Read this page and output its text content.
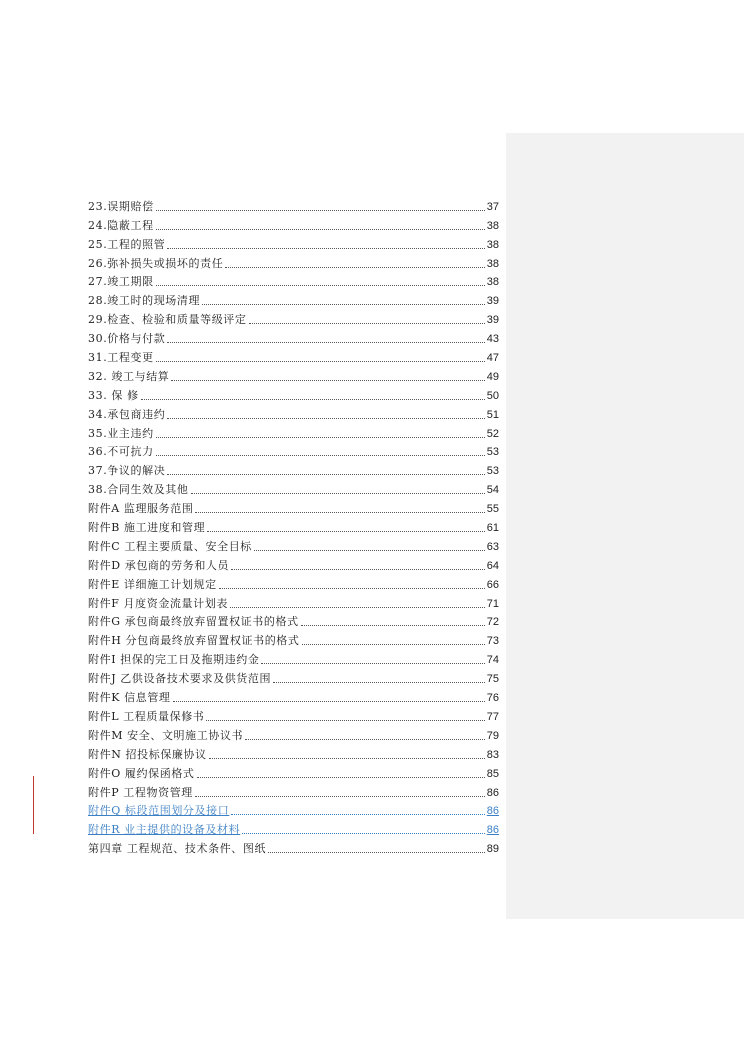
23.误期赔偿	37
24.隐蔽工程	38
25.工程的照管	38
26.弥补损失或损坏的责任	38
27.竣工期限	38
28.竣工时的现场清理	39
29.检查、检验和质量等级评定	39
30.价格与付款	43
31.工程变更	47
32. 竣工与结算	49
33. 保 修	50
34.承包商违约	51
35.业主违约	52
36.不可抗力	53
37.争议的解决	53
38.合同生效及其他	54
附件A 监理服务范围	55
附件B 施工进度和管理	61
附件C 工程主要质量、安全目标	63
附件D 承包商的劳务和人员	64
附件E 详细施工计划规定	66
附件F 月度资金流量计划表	71
附件G 承包商最终放弃留置权证书的格式	72
附件H 分包商最终放弃留置权证书的格式	73
附件I 担保的完工日及拖期违约金	74
附件J 乙供设备技术要求及供货范围	75
附件K 信息管理	76
附件L 工程质量保修书	77
附件M 安全、文明施工协议书	79
附件N 招投标保廉协议	83
附件O 履约保函格式	85
附件P 工程物资管理	86
附件Q 标段范围划分及接口	86
附件R 业主提供的设备及材料	86
第四章 工程规范、技术条件、图纸	89
